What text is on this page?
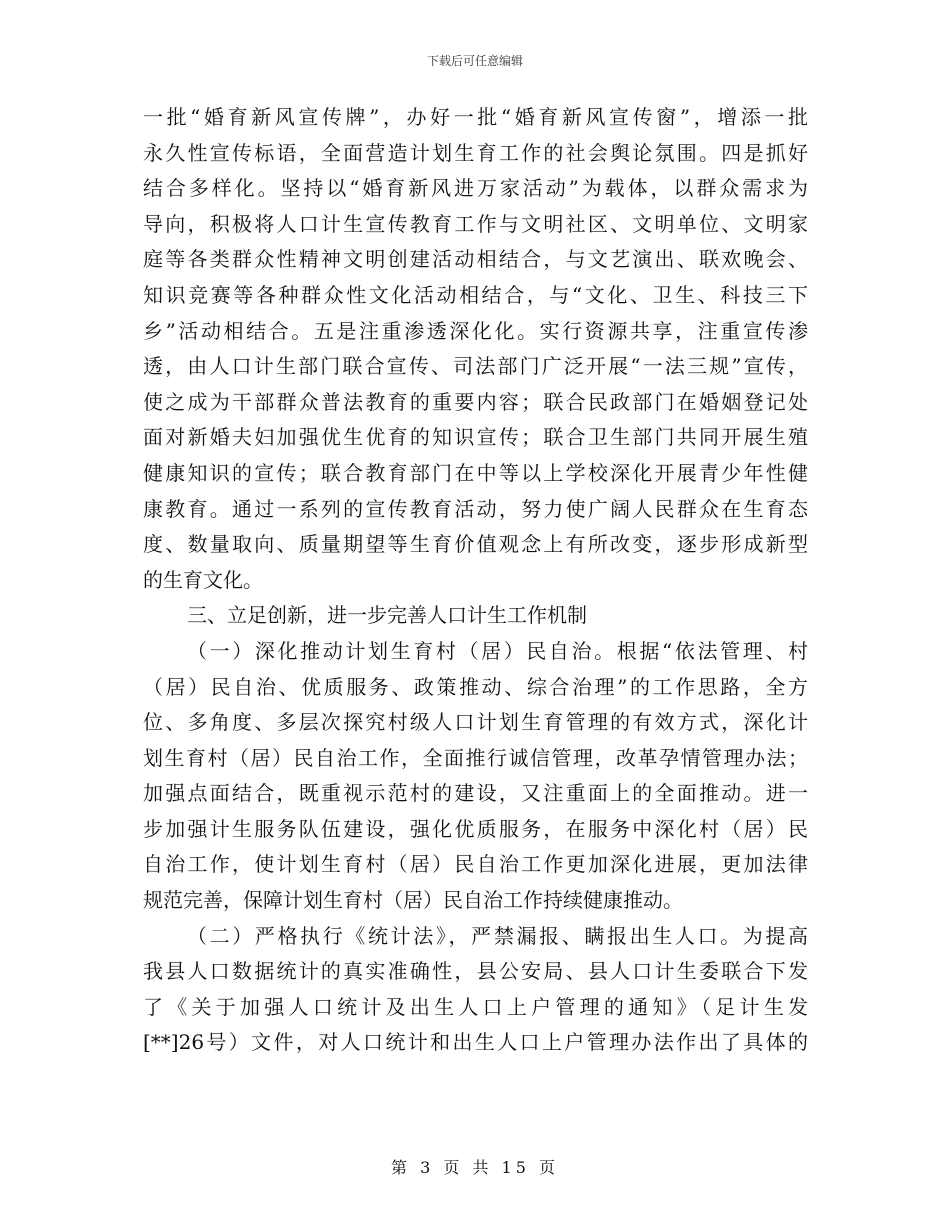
下载后可任意编辑
一批“婚育新风宣传牌”，办好一批“婚育新风宣传窗”，增添一批
永久性宣传标语，全面营造计划生育工作的社会舆论氛围。四是抓好
结合多样化。坚持以“婚育新风进万家活动”为载体，以群众需求为
导向，积极将人口计生宣传教育工作与文明社区、文明单位、文明家
庭等各类群众性精神文明创建活动相结合，与文艺演出、联欢晚会、
知识竞赛等各种群众性文化活动相结合，与“文化、卫生、科技三下
乡”活动相结合。五是注重渗透深化化。实行资源共享，注重宣传渗
透，由人口计生部门联合宣传、司法部门广泛开展“一法三规”宣传，
使之成为干部群众普法教育的重要内容；联合民政部门在婚姻登记处
面对新婚夫妇加强优生优育的知识宣传；联合卫生部门共同开展生殖
健康知识的宣传；联合教育部门在中等以上学校深化开展青少年性健
康教育。通过一系列的宣传教育活动，努力使广阔人民群众在生育态
度、数量取向、质量期望等生育价值观念上有所改变，逐步形成新型
的生育文化。
三、立足创新，进一步完善人口计生工作机制
（一）深化推动计划生育村（居）民自治。根据“依法管理、村
（居）民自治、优质服务、政策推动、综合治理”的工作思路，全方
位、多角度、多层次探究村级人口计划生育管理的有效方式，深化计
划生育村（居）民自治工作，全面推行诚信管理，改革孕情管理办法；
加强点面结合，既重视示范村的建设，又注重面上的全面推动。进一
步加强计生服务队伍建设，强化优质服务，在服务中深化村（居）民
自治工作，使计划生育村（居）民自治工作更加深化进展，更加法律
规范完善，保障计划生育村（居）民自治工作持续健康推动。
（二）严格执行《统计法》，严禁漏报、瞒报出生人口。为提高
我县人口数据统计的真实准确性，县公安局、县人口计生委联合下发
了《关于加强人口统计及出生人口上户管理的通知》（足计生发
[**]26号）文件，对人口统计和出生人口上户管理办法作出了具体的
第 3 页 共 15 页
